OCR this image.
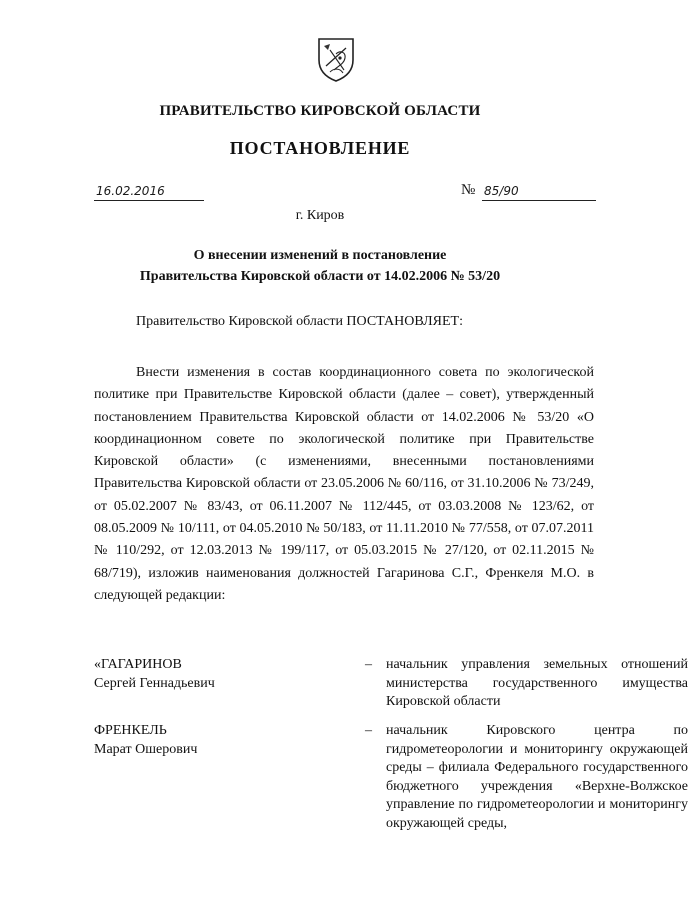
ПРАВИТЕЛЬСТВО КИРОВСКОЙ ОБЛАСТИ
ПОСТАНОВЛЕНИЕ
16.02.2016	№ 85/90
г. Киров
О внесении изменений в постановление
Правительства Кировской области от 14.02.2006 № 53/20

Правительство Кировской области ПОСТАНОВЛЯЕТ:

Внести изменения в состав координационного совета по экологической политике при Правительстве Кировской области (далее – совет), утвержденный постановлением Правительства Кировской области от 14.02.2006 № 53/20 «О координационном совете по экологической политике при Правительстве Кировской области» (с изменениями, внесенными постановлениями Правительства Кировской области от 23.05.2006 № 60/116, от 31.10.2006 № 73/249, от 05.02.2007 № 83/43, от 06.11.2007 № 112/445, от 03.03.2008 № 123/62, от 08.05.2009 № 10/111, от 04.05.2010 № 50/183, от 11.11.2010 № 77/558, от 07.07.2011 № 110/292, от 12.03.2013 № 199/117, от 05.03.2015 № 27/120, от 02.11.2015 № 68/719), изложив наименования должностей Гагаринова С.Г., Френкеля М.О. в следующей редакции:
«ГАГАРИНОВ
Сергей Геннадьевич
– начальник управления земельных отношений министерства государственного имущества Кировской области
ФРЕНКЕЛЬ
Марат Ошерович
– начальник Кировского центра по гидрометеорологии и мониторингу окружающей среды – филиала Федерального государственного бюджетного учреждения «Верхне-Волжское управление по гидрометеорологии и мониторингу окружающей среды,
